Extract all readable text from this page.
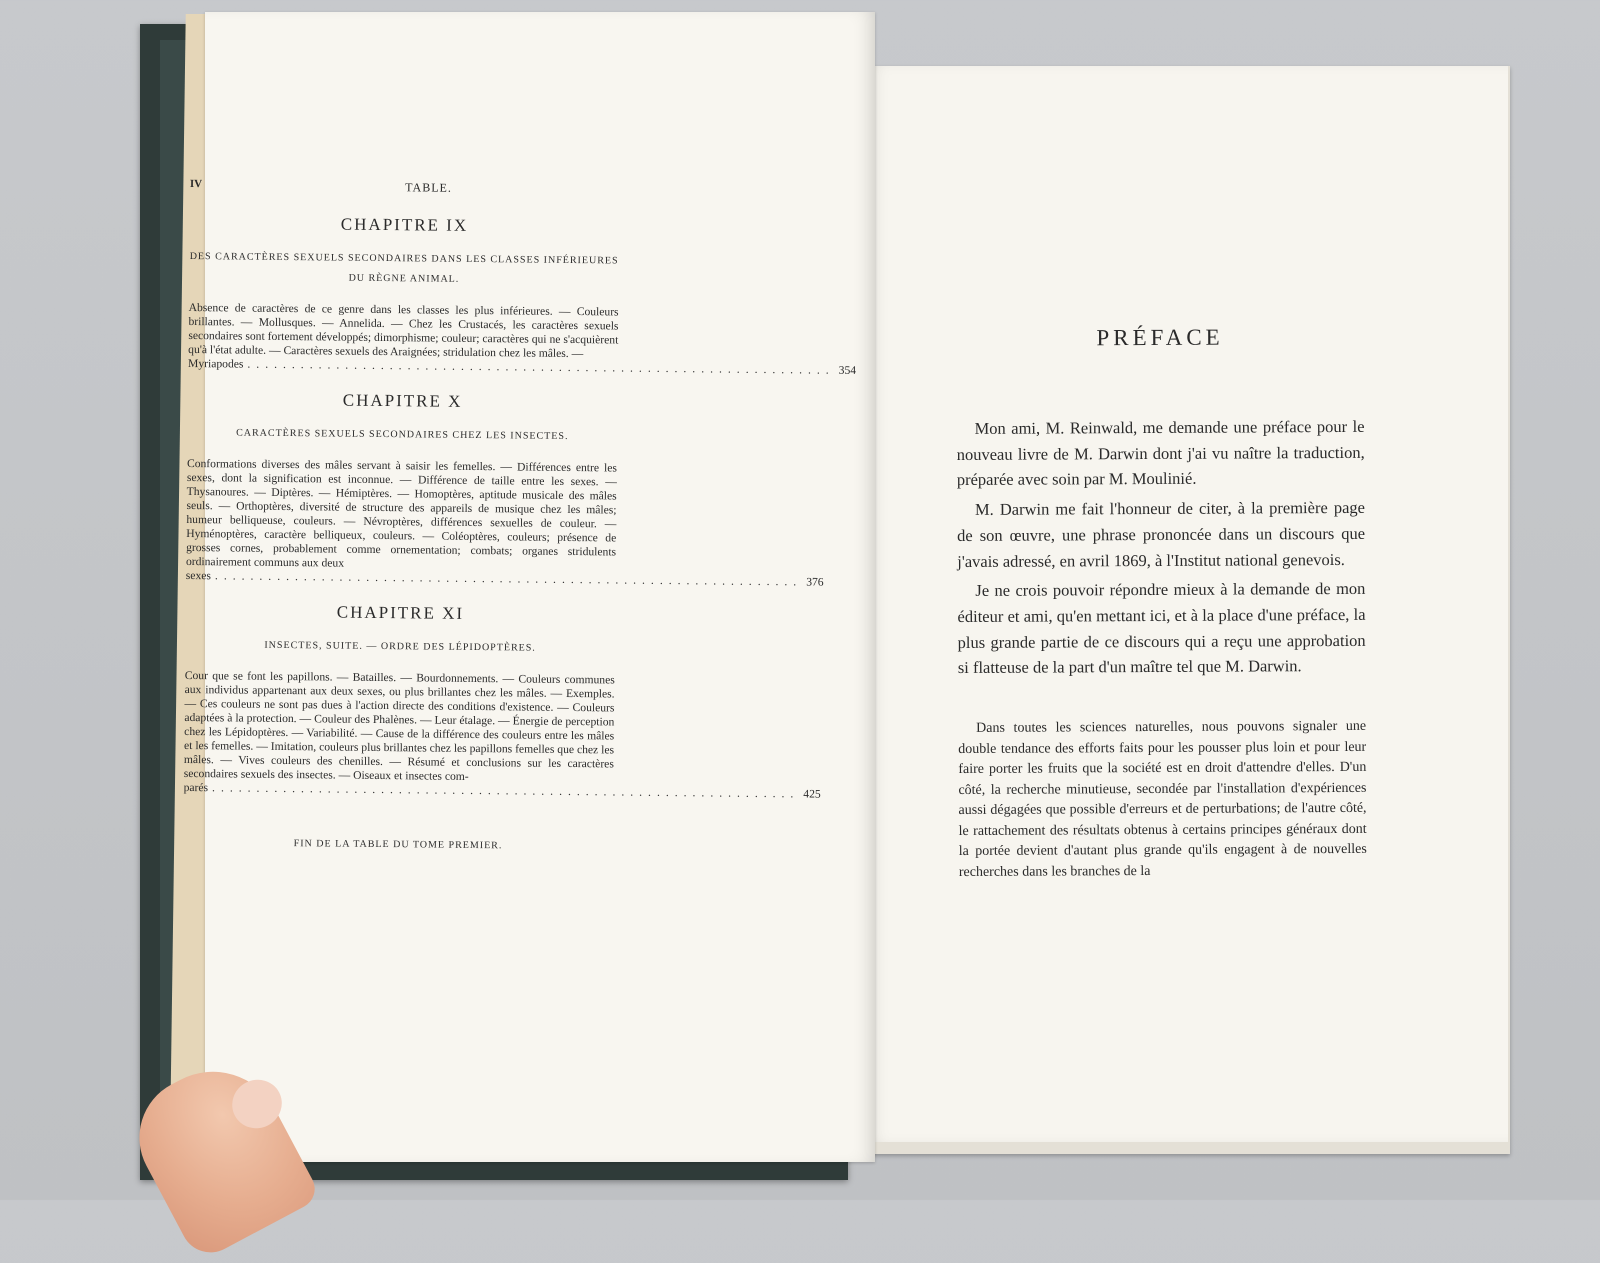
IV	TABLE.
CHAPITRE IX
DES CARACTÈRES SEXUELS SECONDAIRES DANS LES CLASSES INFÉRIEURES DU RÈGNE ANIMAL.
Absence de caractères de ce genre dans les classes les plus inférieures. — Couleurs brillantes. — Mollusques. — Annelida. — Chez les Crustacés, les caractères sexuels secondaires sont fortement développés; dimorphisme; couleur; caractères qui ne s'acquièrent qu'à l'état adulte. — Caractères sexuels des Araignées; stridulation chez les mâles. —
Myriapodes .................................................................. 354
CHAPITRE X
CARACTÈRES SEXUELS SECONDAIRES CHEZ LES INSECTES.
Conformations diverses des mâles servant à saisir les femelles. — Différences entre les sexes, dont la signification est inconnue. — Différence de taille entre les sexes. — Thysanoures. — Diptères. — Hémiptères. — Homoptères, aptitude musicale des mâles seuls. — Orthoptères, diversité de structure des appareils de musique chez les mâles; humeur belliqueuse, couleurs. — Névroptères, différences sexuelles de couleur. — Hyménoptères, caractère belliqueux, couleurs. — Coléoptères, couleurs; présence de grosses cornes, probablement comme ornementation; combats; organes stridulents ordinairement communs aux deux
sexes .................................................................. 376
CHAPITRE XI
INSECTES, SUITE. — ORDRE DES LÉPIDOPTÈRES.
Cour que se font les papillons. — Batailles. — Bourdonnements. — Couleurs communes aux individus appartenant aux deux sexes, ou plus brillantes chez les mâles. — Exemples. — Ces couleurs ne sont pas dues à l'action directe des conditions d'existence. — Couleurs adaptées à la protection. — Couleur des Phalènes. — Leur étalage. — Énergie de perception chez les Lépidoptères. — Variabilité. — Cause de la différence des couleurs entre les mâles et les femelles. — Imitation, couleurs plus brillantes chez les papillons femelles que chez les mâles. — Vives couleurs des chenilles. — Résumé et conclusions sur les caractères secondaires sexuels des insectes. — Oiseaux et insectes com-
parés .................................................................. 425
FIN DE LA TABLE DU TOME PREMIER.
PRÉFACE

Mon ami, M. Reinwald, me demande une préface pour le nouveau livre de M. Darwin dont j'ai vu naître la traduction, préparée avec soin par M. Moulinié.

M. Darwin me fait l'honneur de citer, à la première page de son œuvre, une phrase prononcée dans un discours que j'avais adressé, en avril 1869, à l'Institut national genevois.

Je ne crois pouvoir répondre mieux à la demande de mon éditeur et ami, qu'en mettant ici, et à la place d'une préface, la plus grande partie de ce discours qui a reçu une approbation si flatteuse de la part d'un maître tel que M. Darwin.

Dans toutes les sciences naturelles, nous pouvons signaler une double tendance des efforts faits pour les pousser plus loin et pour leur faire porter les fruits que la société est en droit d'attendre d'elles. D'un côté, la recherche minutieuse, secondée par l'installation d'expériences aussi dégagées que possible d'erreurs et de perturbations; de l'autre côté, le rattachement des résultats obtenus à certains principes généraux dont la portée devient d'autant plus grande qu'ils engagent à de nouvelles recherches dans les branches de la
